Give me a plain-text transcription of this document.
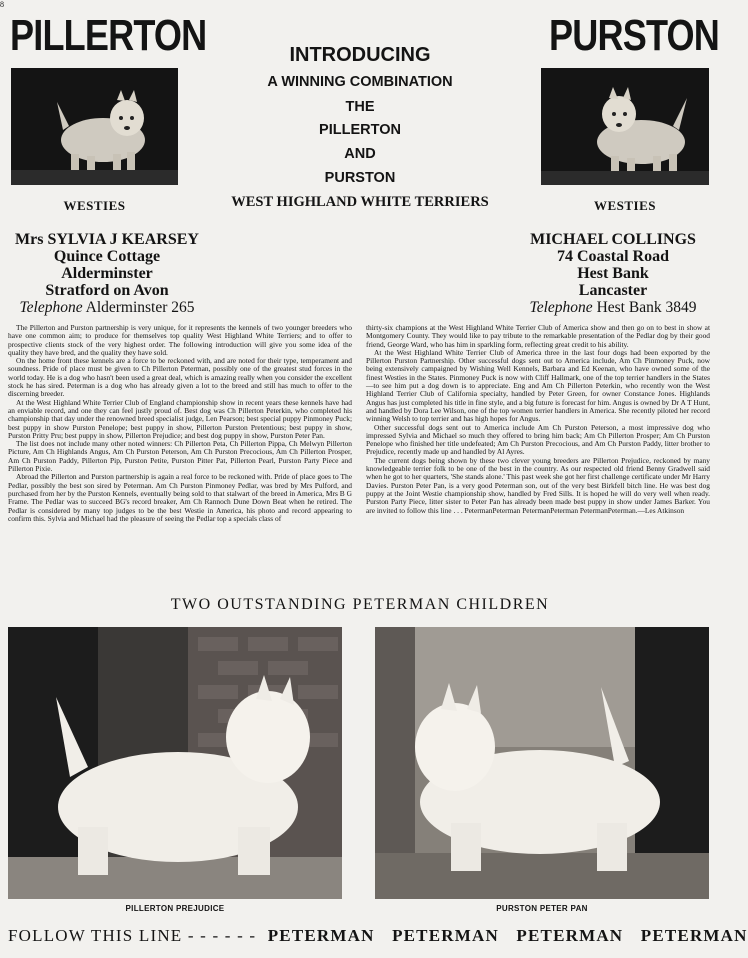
8
PILLERTON
WESTIES
PURSTON
WESTIES
INTRODUCING
A WINNING COMBINATION
THE
PILLERTON
AND
PURSTON
WEST HIGHLAND WHITE TERRIERS
Mrs SYLVIA J KEARSEY
Quince Cottage
Alderminster
Stratford on Avon
Telephone Alderminster 265
MICHAEL COLLINGS
74 Coastal Road
Hest Bank
Lancaster
Telephone Hest Bank 3849

The Pillerton and Purston partnership is very unique, for it represents the kennels of two younger breeders who have one common aim; to produce for themselves top quality West Highland White Terriers; and to offer to prospective clients stock of the very highest order. The following introduction will give you some idea of the quality they have bred, and the quality they have sold.

On the home front these kennels are a force to be reckoned with, and are noted for their type, temperament and soundness. Pride of place must be given to Ch Pillerton Peterman, possibly one of the greatest stud forces in the world today. He is a dog who hasn't been used a great deal, which is amazing really when you consider the excellent stock he has sired. Peterman is a dog who has already given a lot to the breed and still has much to offer to the discerning breeder.

At the West Highland White Terrier Club of England championship show in recent years these kennels have had an enviable record, and one they can feel justly proud of. Best dog was Ch Pillerton Peterkin, who completed his championship that day under the renowned breed specialist judge, Len Pearson; best special puppy Pinmoney Puck; best puppy in show Purston Penelope; best puppy in show, Pillerton Purston Pretentious; best puppy in show, Purston Pritty Pru; best puppy in show, Pillerton Prejudice; and best dog puppy in show, Purston Peter Pan.

The list does not include many other noted winners: Ch Pillerton Peta, Ch Pillerton Pippa, Ch Melwyn Pillerton Picture, Am Ch Highlands Angus, Am Ch Purston Peterson, Am Ch Purston Precocious, Am Ch Pillerton Prosper, Am Ch Purston Paddy, Pillerton Pip, Purston Petite, Purston Pitter Pat, Pillerton Pearl, Purston Party Piece and Pillerton Pixie.

Abroad the Pillerton and Purston partnership is again a real force to be reckoned with. Pride of place goes to The Pedlar, possibly the best son sired by Peterman. Am Ch Purston Pinmoney Pedlar, was bred by Mrs Pulford, and purchased from her by the Purston Kennels, eventually being sold to that stalwart of the breed in America, Mrs B G Frame. The Pedlar was to succeed BG's record breaker, Am Ch Rannoch Dune Down Beat when he retired. The Pedlar is considered by many top judges to be the best Westie in America, his photo and record appearing to confirm this. Sylvia and Michael had the pleasure of seeing the Pedlar top a specials class of

thirty-six champions at the West Highland White Terrier Club of America show and then go on to best in show at Montgomery County. They would like to pay tribute to the remarkable presentation of the Pedlar dog by their good friend, George Ward, who has him in sparkling form, reflecting great credit to his ability.

At the West Highland White Terrier Club of America three in the last four dogs had been exported by the Pillerton Purston Partnership. Other successful dogs sent out to America include, Am Ch Pinmoney Puck, now being extensively campaigned by Wishing Well Kennels, Barbara and Ed Keenan, who have owned some of the finest Westies in the States. Pinmoney Puck is now with Cliff Hallmark, one of the top terrier handlers in the States—to see him put a dog down is to appreciate. Eng and Am Ch Pillerton Peterkin, who recently won the West Highland Terrier Club of California specialty, handled by Peter Green, for owner Constance Jones. Highlands Angus has just completed his title in fine style, and a big future is forecast for him. Angus is owned by Dr A T Hunt, and handled by Dora Lee Wilson, one of the top women terrier handlers in America. She recently piloted her record winning Welsh to top terrier and has high hopes for Angus.

Other successful dogs sent out to America include Am Ch Purston Peterson, a most impressive dog who impressed Sylvia and Michael so much they offered to bring him back; Am Ch Pillerton Prosper; Am Ch Purston Penelope who finished her title undefeated; Am Ch Purston Precocious, and Am Ch Purston Paddy, litter brother to Prejudice, recently made up and handled by Al Ayres.

The current dogs being shown by these two clever young breeders are Pillerton Prejudice, reckoned by many knowledgeable terrier folk to be one of the best in the country. As our respected old friend Benny Gradwell said when he got to her quarters, 'She stands alone.' This past week she got her first challenge certificate under Mr Harry Davies. Purston Peter Pan, is a very good Peterman son, out of the very best Birkfell bitch line. He was best dog puppy at the Joint Westie championship show, handled by Fred Sills. It is hoped he will do very well when ready. Purston Party Piece, litter sister to Peter Pan has already been made best puppy in show under James Barker. You are invited to follow this line . . . PetermanPeterman PetermanPeterman PetermanPeterman.—Les Atkinson

TWO OUTSTANDING PETERMAN CHILDREN
PILLERTON PREJUDICE	PURSTON PETER PAN
FOLLOW THIS LINE - - - - - - PETERMAN PETERMAN PETERMAN PETERMAN
